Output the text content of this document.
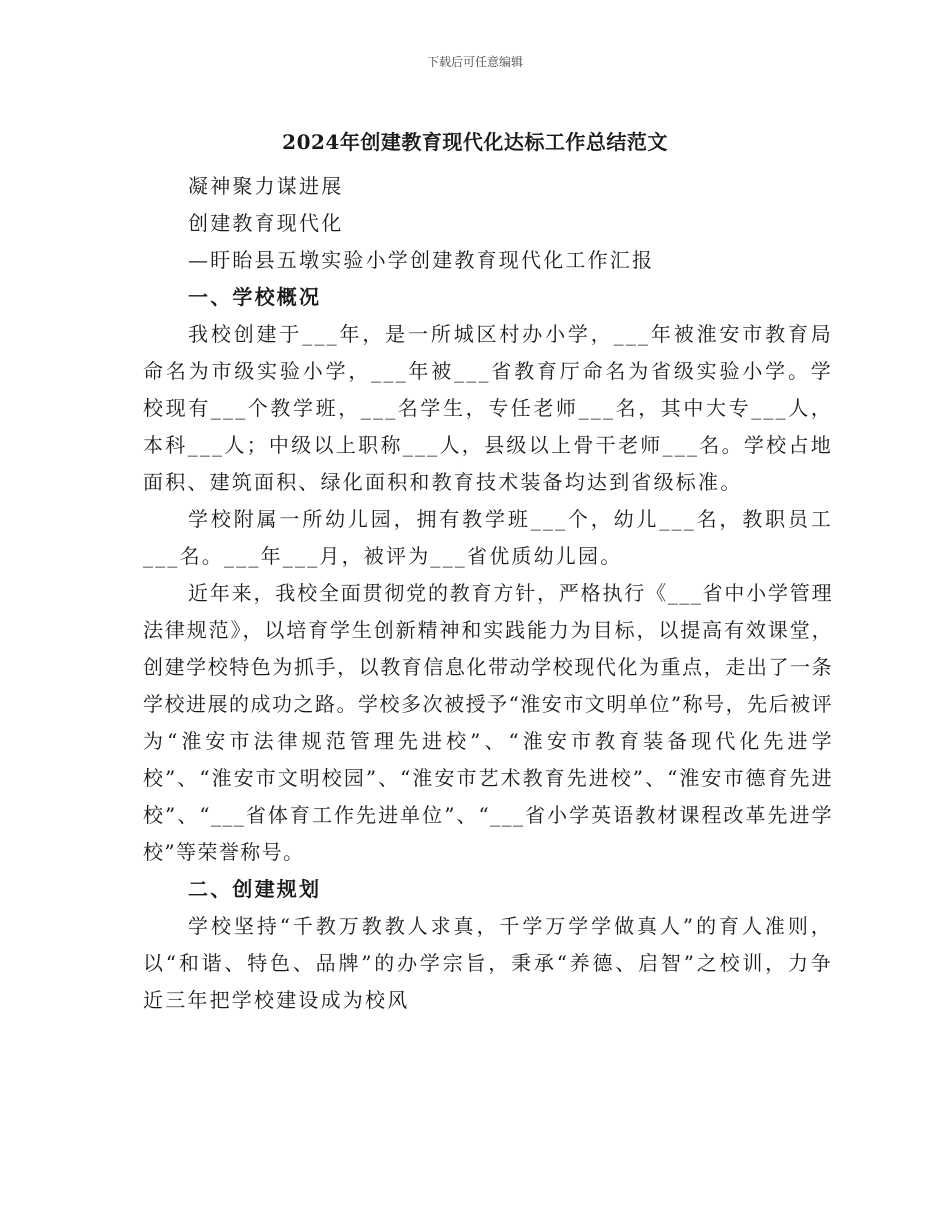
下载后可任意编辑
2024年创建教育现代化达标工作总结范文

凝神聚力谋进展

创建教育现代化

—盱眙县五墩实验小学创建教育现代化工作汇报

一、学校概况

我校创建于___年，是一所城区村办小学，___年被淮安市教育局命名为市级实验小学，___年被___省教育厅命名为省级实验小学。学校现有___个教学班，___名学生，专任老师___名，其中大专___人，本科___人；中级以上职称___人，县级以上骨干老师___名。学校占地面积、建筑面积、绿化面积和教育技术装备均达到省级标准。

学校附属一所幼儿园，拥有教学班___个，幼儿___名，教职员工___名。___年___月，被评为___省优质幼儿园。

近年来，我校全面贯彻党的教育方针，严格执行《___省中小学管理法律规范》，以培育学生创新精神和实践能力为目标，以提高有效课堂，创建学校特色为抓手，以教育信息化带动学校现代化为重点，走出了一条学校进展的成功之路。学校多次被授予“淮安市文明单位”称号，先后被评为“淮安市法律规范管理先进校”、“淮安市教育装备现代化先进学校”、“淮安市文明校园”、“淮安市艺术教育先进校”、“淮安市德育先进校”、“___省体育工作先进单位”、“___省小学英语教材课程改革先进学校”等荣誉称号。

二、创建规划

学校坚持“千教万教教人求真，千学万学学做真人”的育人准则，以“和谐、特色、品牌”的办学宗旨，秉承“养德、启智”之校训，力争近三年把学校建设成为校风
